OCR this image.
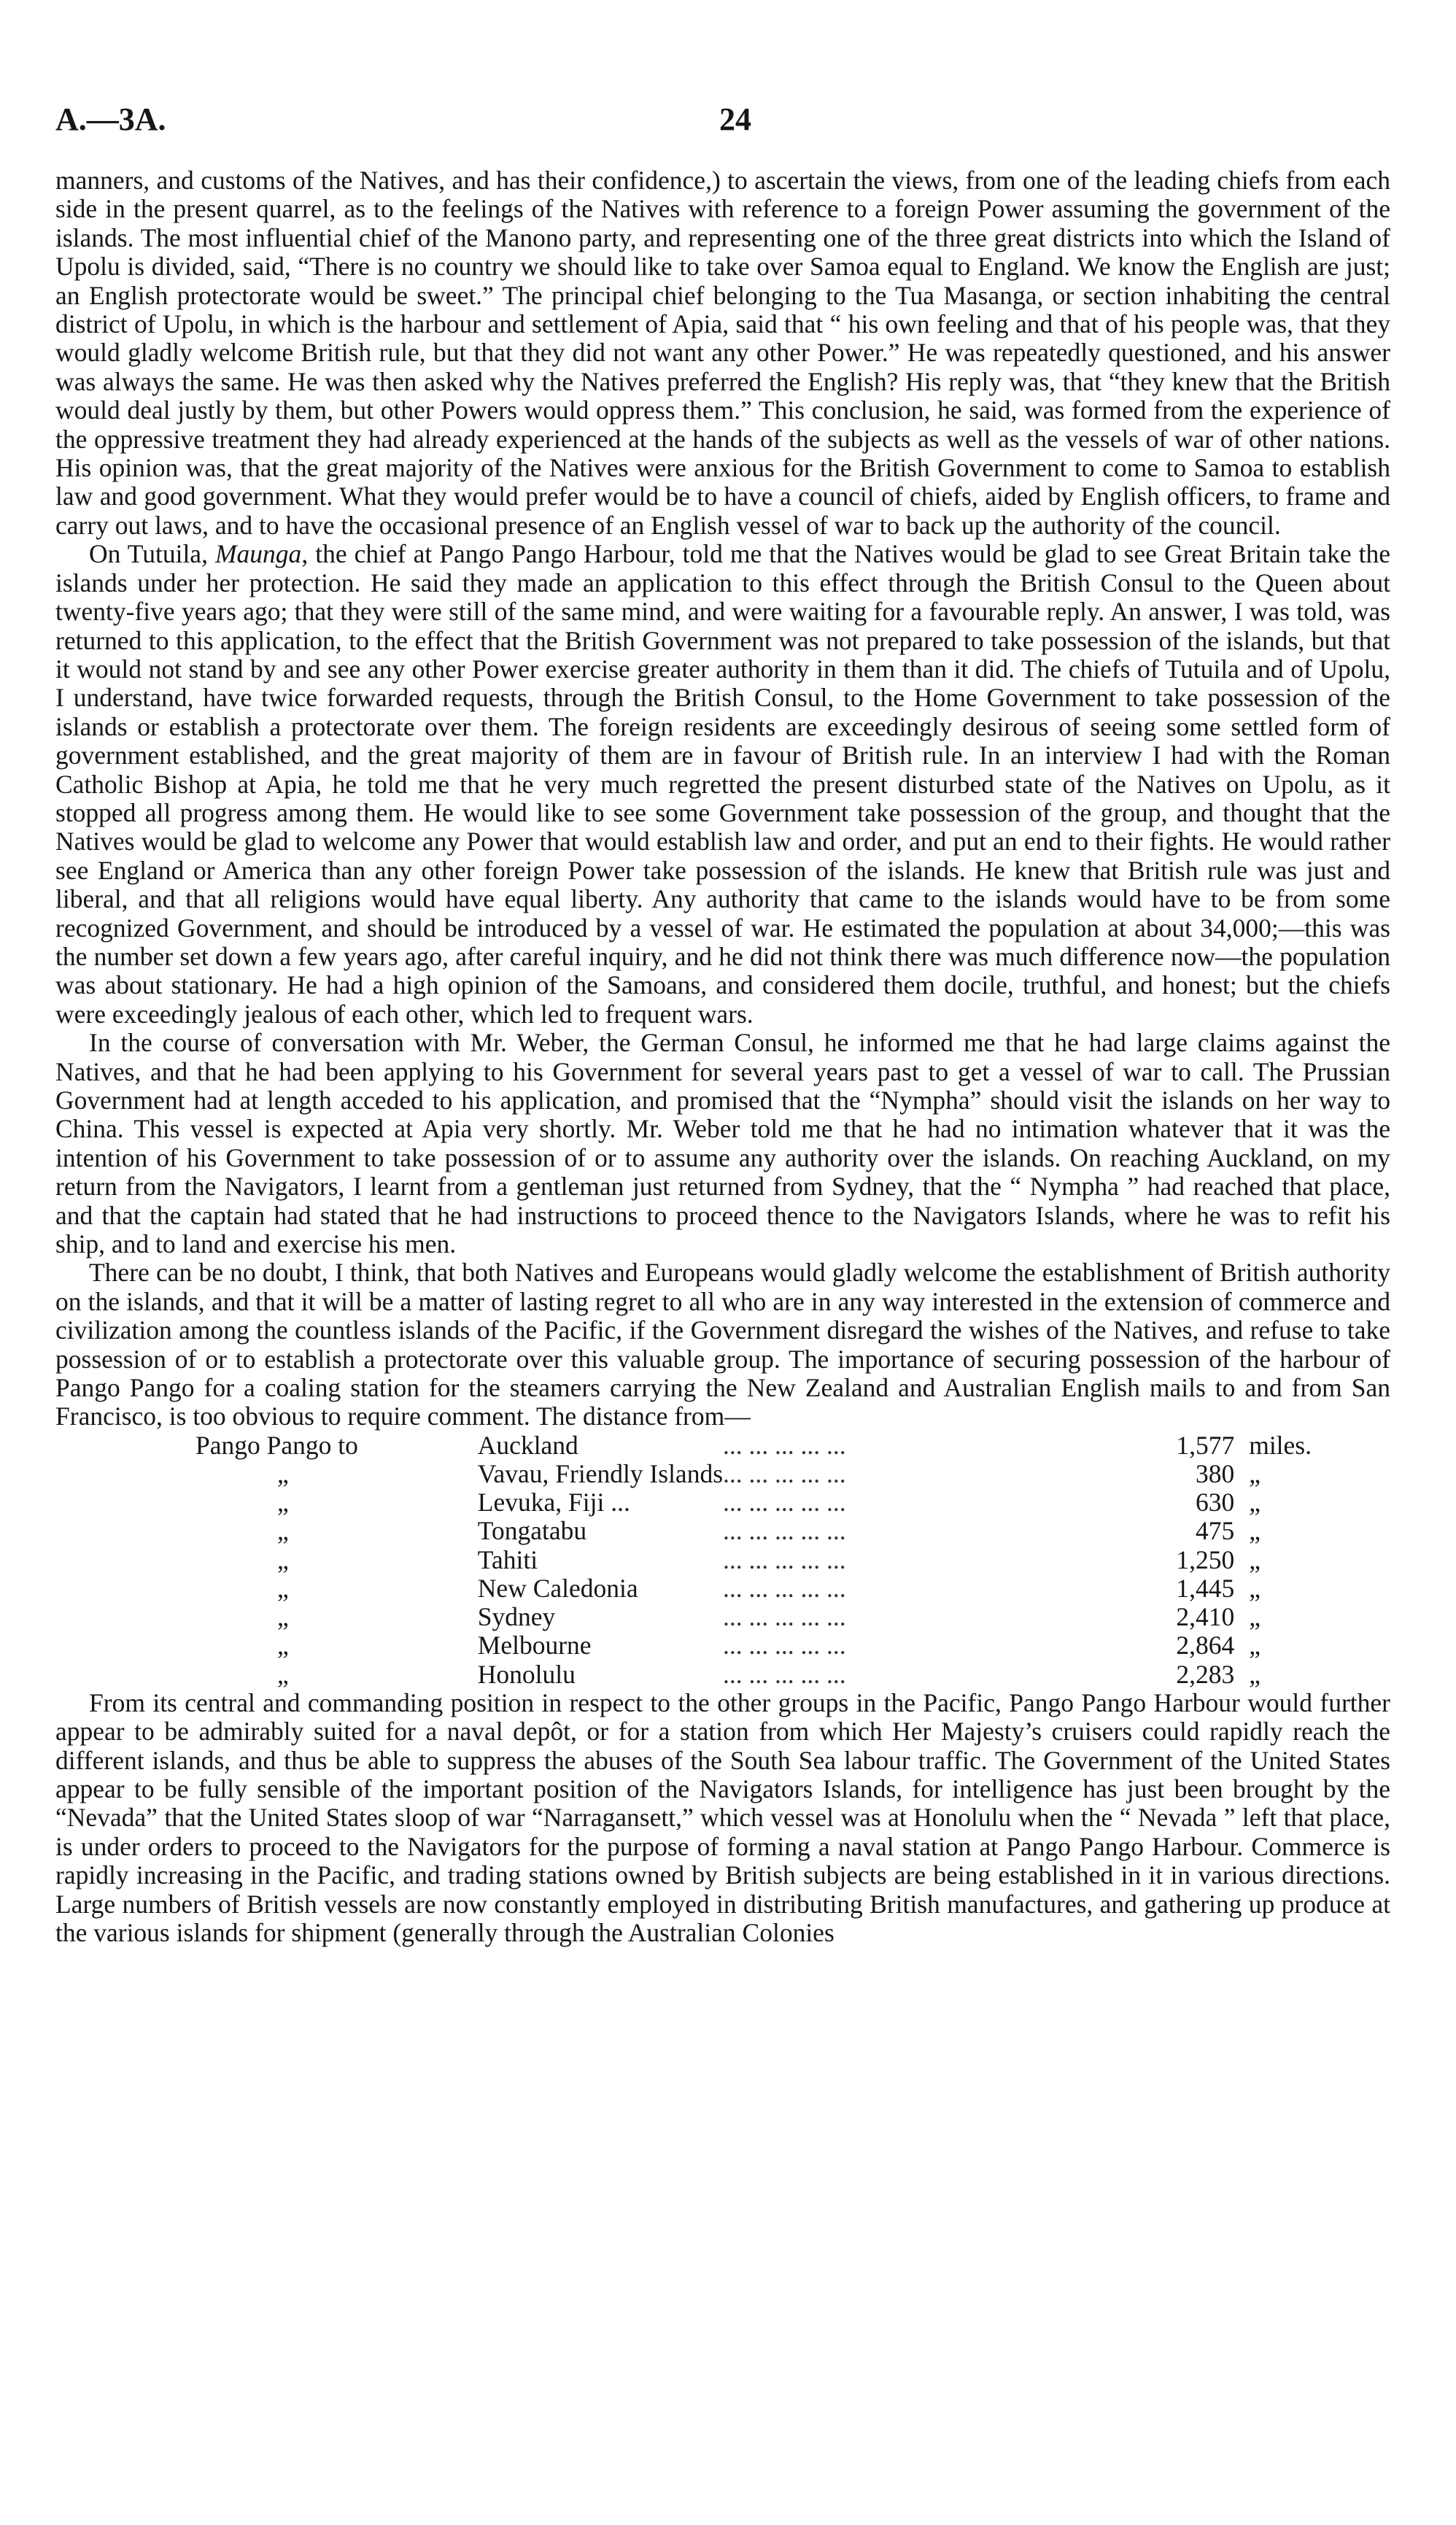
A.—3A.	24

manners, and customs of the Natives, and has their confidence,) to ascertain the views, from one of the leading chiefs from each side in the present quarrel, as to the feelings of the Natives with reference to a foreign Power assuming the government of the islands. The most influential chief of the Manono party, and representing one of the three great districts into which the Island of Upolu is divided, said, “There is no country we should like to take over Samoa equal to England. We know the English are just; an English protectorate would be sweet.” The principal chief belonging to the Tua Masanga, or section inhabiting the central district of Upolu, in which is the harbour and settlement of Apia, said that “ his own feeling and that of his people was, that they would gladly welcome British rule, but that they did not want any other Power.” He was repeatedly questioned, and his answer was always the same. He was then asked why the Natives preferred the English? His reply was, that “they knew that the British would deal justly by them, but other Powers would oppress them.” This conclusion, he said, was formed from the experience of the oppressive treatment they had already experienced at the hands of the subjects as well as the vessels of war of other nations. His opinion was, that the great majority of the Natives were anxious for the British Government to come to Samoa to establish law and good government. What they would prefer would be to have a council of chiefs, aided by English officers, to frame and carry out laws, and to have the occasional presence of an English vessel of war to back up the authority of the council.

On Tutuila, Maunga, the chief at Pango Pango Harbour, told me that the Natives would be glad to see Great Britain take the islands under her protection. He said they made an application to this effect through the British Consul to the Queen about twenty-five years ago; that they were still of the same mind, and were waiting for a favourable reply. An answer, I was told, was returned to this application, to the effect that the British Government was not prepared to take possession of the islands, but that it would not stand by and see any other Power exercise greater authority in them than it did. The chiefs of Tutuila and of Upolu, I understand, have twice forwarded requests, through the British Consul, to the Home Government to take possession of the islands or establish a protectorate over them. The foreign residents are exceedingly desirous of seeing some settled form of government established, and the great majority of them are in favour of British rule. In an interview I had with the Roman Catholic Bishop at Apia, he told me that he very much regretted the present disturbed state of the Natives on Upolu, as it stopped all progress among them. He would like to see some Government take possession of the group, and thought that the Natives would be glad to welcome any Power that would establish law and order, and put an end to their fights. He would rather see England or America than any other foreign Power take possession of the islands. He knew that British rule was just and liberal, and that all religions would have equal liberty. Any authority that came to the islands would have to be from some recognized Government, and should be introduced by a vessel of war. He estimated the population at about 34,000;—this was the number set down a few years ago, after careful inquiry, and he did not think there was much difference now—the population was about stationary. He had a high opinion of the Samoans, and considered them docile, truthful, and honest; but the chiefs were exceedingly jealous of each other, which led to frequent wars.

In the course of conversation with Mr. Weber, the German Consul, he informed me that he had large claims against the Natives, and that he had been applying to his Government for several years past to get a vessel of war to call. The Prussian Government had at length acceded to his application, and promised that the “Nympha” should visit the islands on her way to China. This vessel is expected at Apia very shortly. Mr. Weber told me that he had no intimation whatever that it was the intention of his Government to take possession of or to assume any authority over the islands. On reaching Auckland, on my return from the Navigators, I learnt from a gentleman just returned from Sydney, that the “ Nympha ” had reached that place, and that the captain had stated that he had instructions to proceed thence to the Navigators Islands, where he was to refit his ship, and to land and exercise his men.

There can be no doubt, I think, that both Natives and Europeans would gladly welcome the establishment of British authority on the islands, and that it will be a matter of lasting regret to all who are in any way interested in the extension of commerce and civilization among the countless islands of the Pacific, if the Government disregard the wishes of the Natives, and refuse to take possession of or to establish a protectorate over this valuable group. The importance of securing possession of the harbour of Pango Pango for a coaling station for the steamers carrying the New Zealand and Australian English mails to and from San Francisco, is too obvious to require comment. The distance from—

Pango Pango to	Auckland	... ... ... ... ...	1,577	miles.
„	Vavau, Friendly Islands	... ... ... ... ...	380	„
„	Levuka, Fiji ...	... ... ... ... ...	630	„
„	Tongatabu	... ... ... ... ...	475	„
„	Tahiti	... ... ... ... ...	1,250	„
„	New Caledonia	... ... ... ... ...	1,445	„
„	Sydney	... ... ... ... ...	2,410	„
„	Melbourne	... ... ... ... ...	2,864	„
„	Honolulu	... ... ... ... ...	2,283	„

From its central and commanding position in respect to the other groups in the Pacific, Pango Pango Harbour would further appear to be admirably suited for a naval depôt, or for a station from which Her Majesty’s cruisers could rapidly reach the different islands, and thus be able to suppress the abuses of the South Sea labour traffic. The Government of the United States appear to be fully sensible of the important position of the Navigators Islands, for intelligence has just been brought by the “Nevada” that the United States sloop of war “Narragansett,” which vessel was at Honolulu when the “ Nevada ” left that place, is under orders to proceed to the Navigators for the purpose of forming a naval station at Pango Pango Harbour. Commerce is rapidly increasing in the Pacific, and trading stations owned by British subjects are being established in it in various directions. Large numbers of British vessels are now constantly employed in distributing British manufactures, and gathering up produce at the various islands for shipment (generally through the Australian Colonies
